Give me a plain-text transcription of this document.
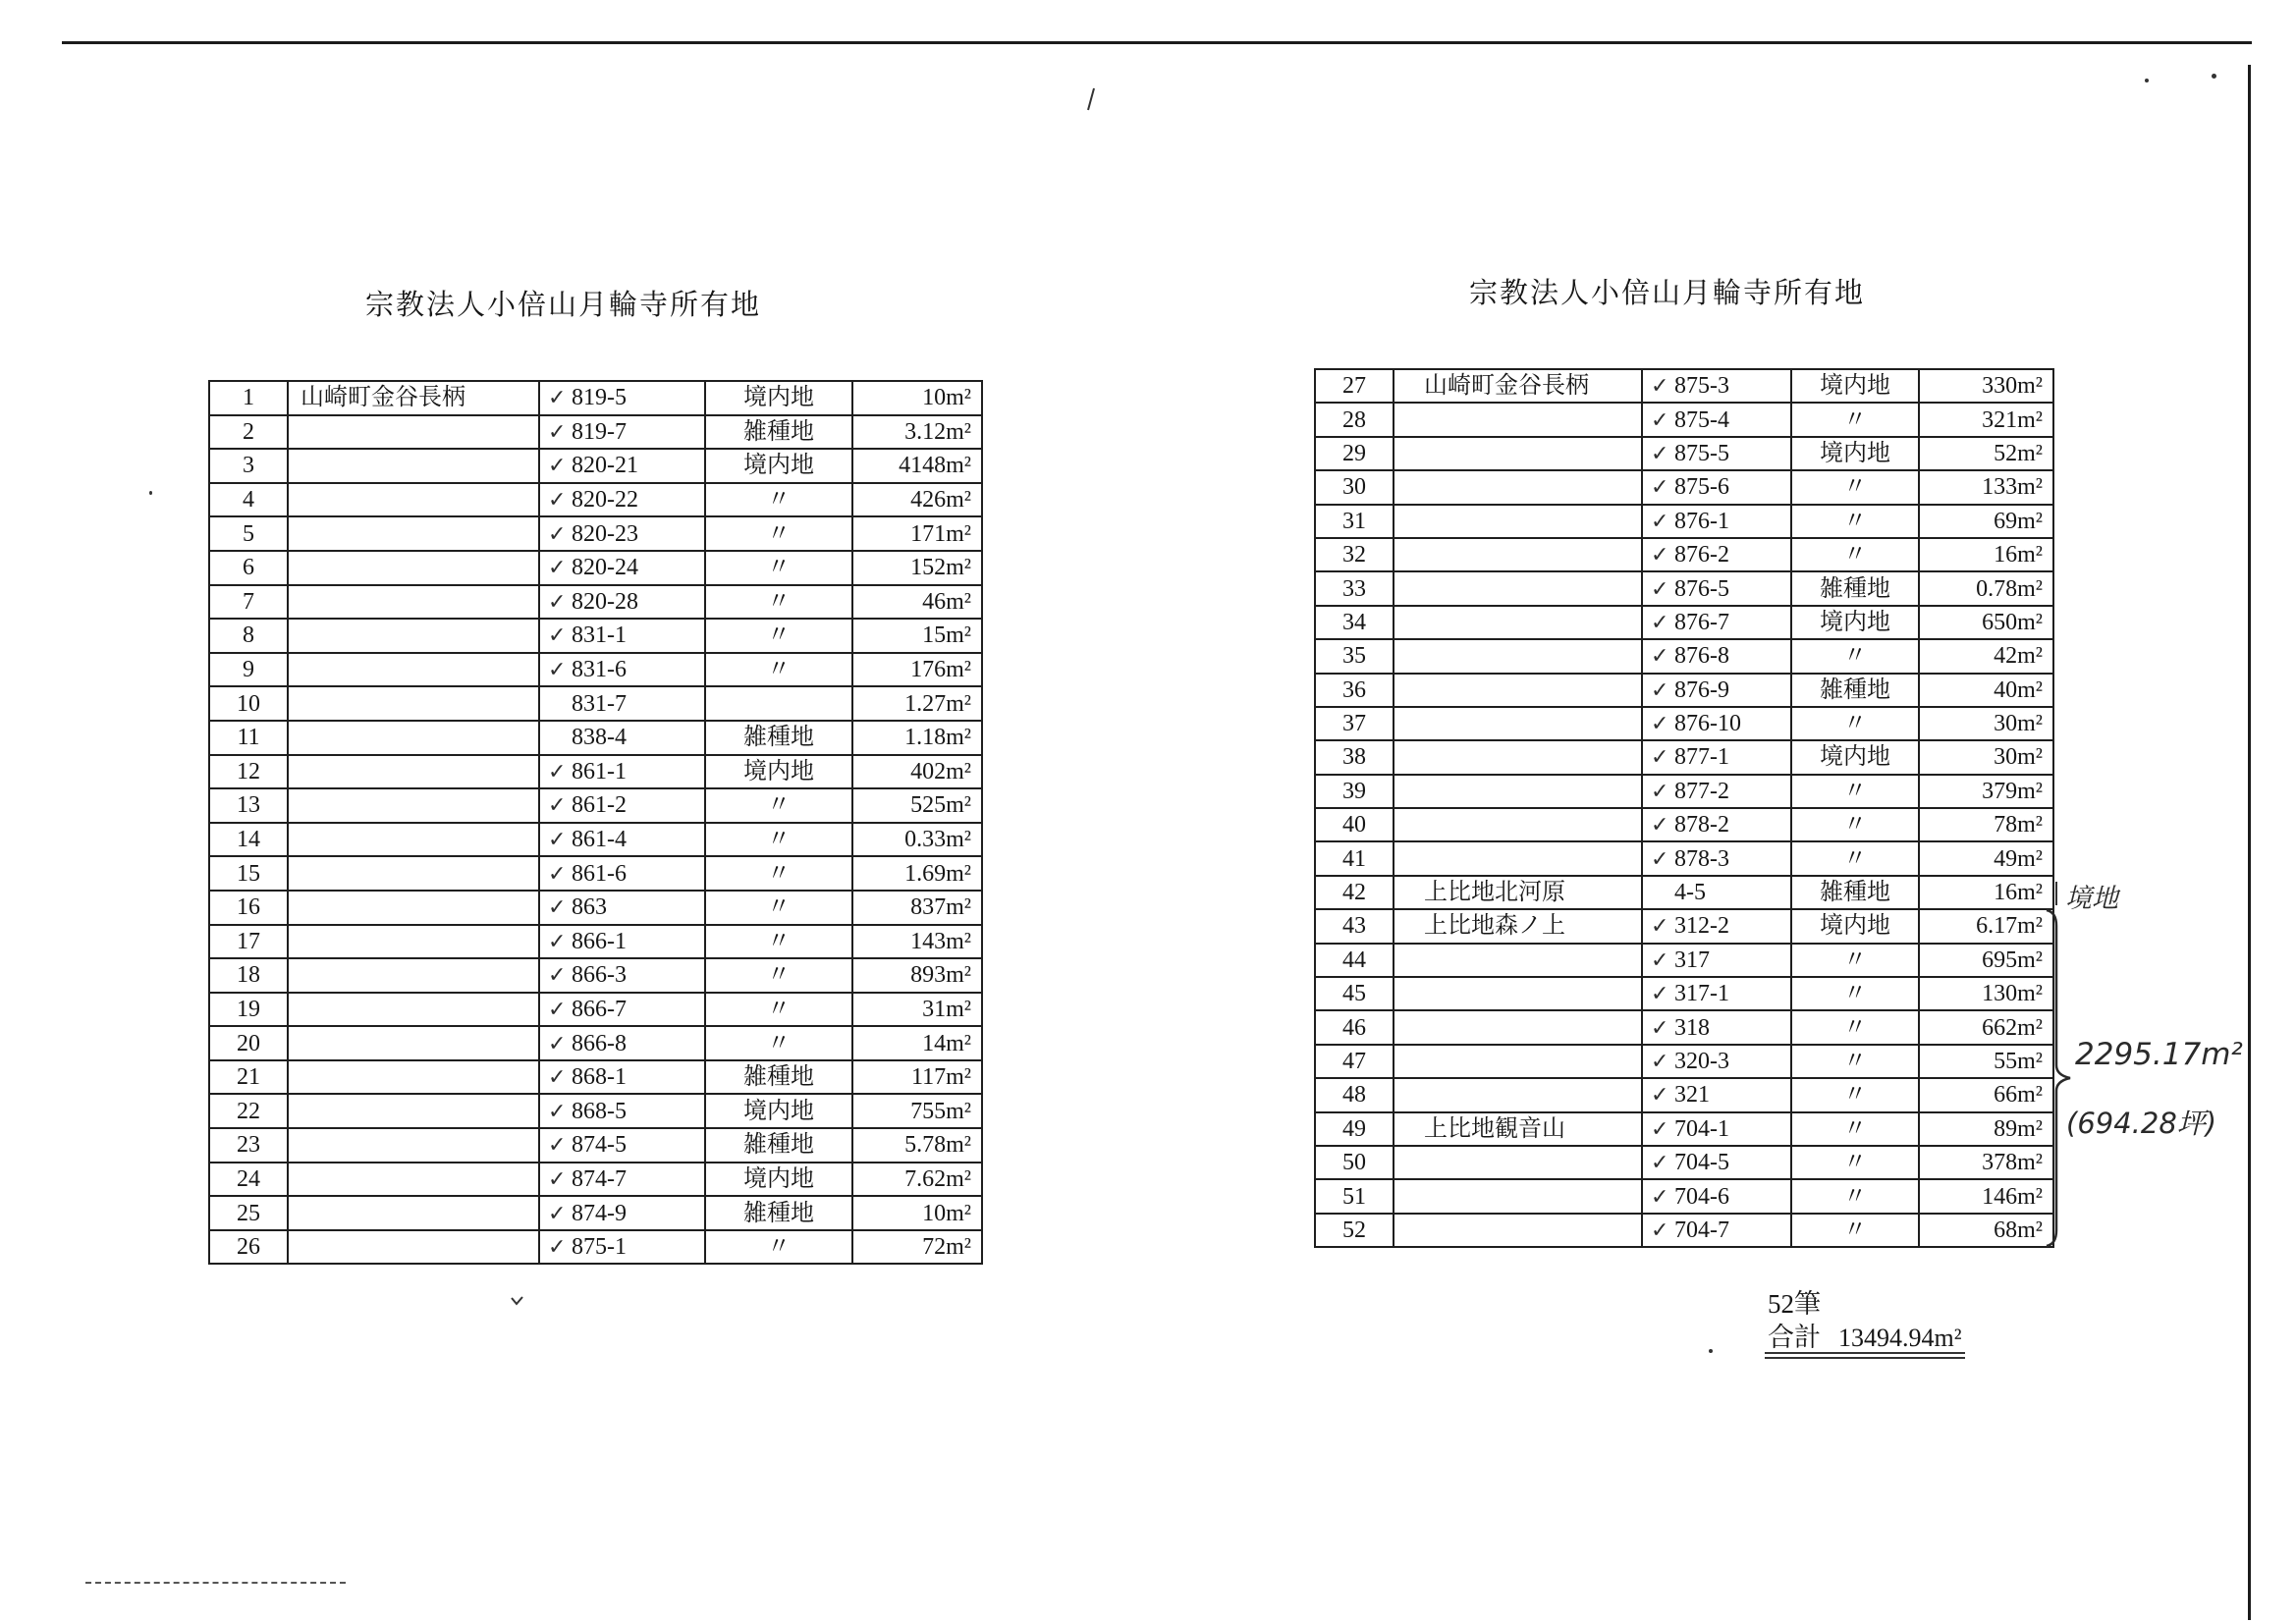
宗教法人小倍山月輪寺所有地
1	山崎町金谷長柄	✓ 819-5	境内地	10m²
2		✓ 819-7	雑種地	3.12m²
3		✓ 820-21	境内地	4148m²
4		✓ 820-22	〃	426m²
5		✓ 820-23	〃	171m²
6		✓ 820-24	〃	152m²
7		✓ 820-28	〃	46m²
8		✓ 831-1	〃	15m²
9		✓ 831-6	〃	176m²
10		831-7		1.27m²
11		838-4	雑種地	1.18m²
12		✓ 861-1	境内地	402m²
13		✓ 861-2	〃	525m²
14		✓ 861-4	〃	0.33m²
15		✓ 861-6	〃	1.69m²
16		✓ 863	〃	837m²
17		✓ 866-1	〃	143m²
18		✓ 866-3	〃	893m²
19		✓ 866-7	〃	31m²
20		✓ 866-8	〃	14m²
21		✓ 868-1	雑種地	117m²
22		✓ 868-5	境内地	755m²
23		✓ 874-5	雑種地	5.78m²
24		✓ 874-7	境内地	7.62m²
25		✓ 874-9	雑種地	10m²
26		✓ 875-1	〃	72m²
宗教法人小倍山月輪寺所有地
27	山崎町金谷長柄	✓ 875-3	境内地	330m²
28		✓ 875-4	〃	321m²
29		✓ 875-5	境内地	52m²
30		✓ 875-6	〃	133m²
31		✓ 876-1	〃	69m²
32		✓ 876-2	〃	16m²
33		✓ 876-5	雑種地	0.78m²
34		✓ 876-7	境内地	650m²
35		✓ 876-8	〃	42m²
36		✓ 876-9	雑種地	40m²
37		✓ 876-10	〃	30m²
38		✓ 877-1	境内地	30m²
39		✓ 877-2	〃	379m²
40		✓ 878-2	〃	78m²
41		✓ 878-3	〃	49m²
42	上比地北河原	4-5	雑種地	16m²
43	上比地森ノ上	✓ 312-2	境内地	6.17m²
44		✓ 317	〃	695m²
45		✓ 317-1	〃	130m²
46		✓ 318	〃	662m²
47		✓ 320-3	〃	55m²
48		✓ 321	〃	66m²
49	上比地観音山	✓ 704-1	〃	89m²
50		✓ 704-5	〃	378m²
51		✓ 704-6	〃	146m²
52		✓ 704-7	〃	68m²
境地
2295.17m²
(694.28坪)
52筆
合計 13494.94m²
